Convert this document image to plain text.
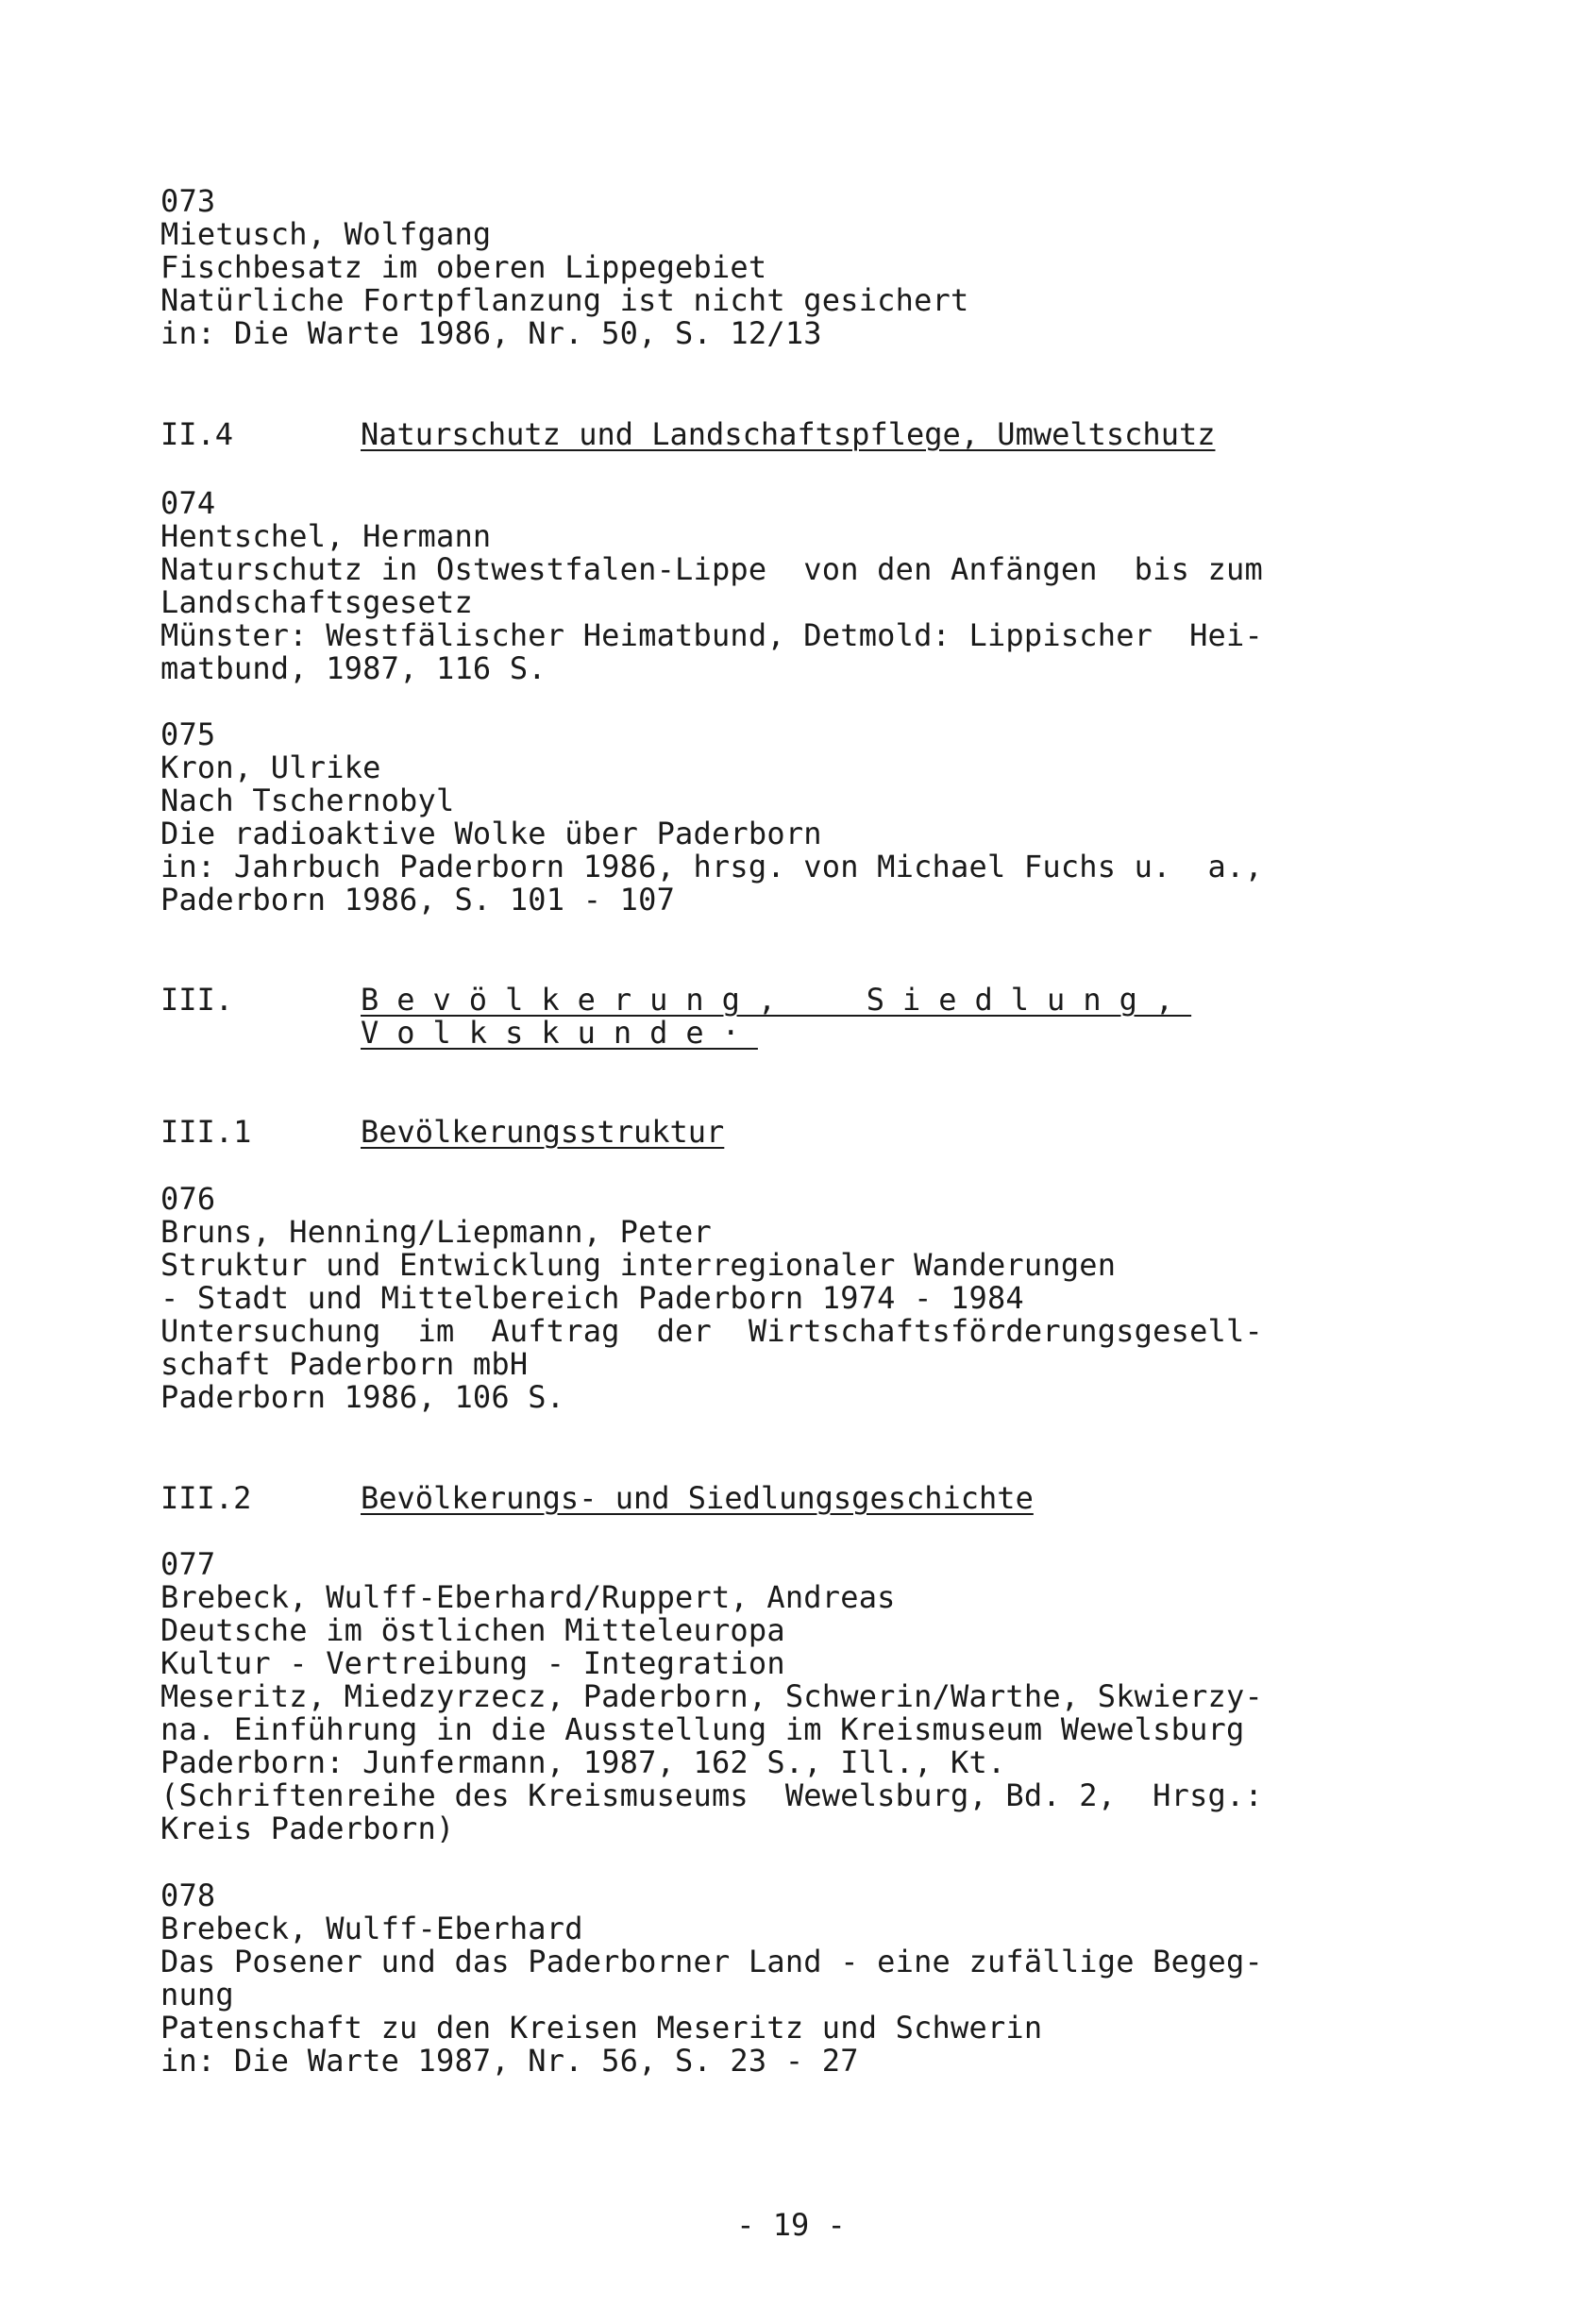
073
Mietusch, Wolfgang
Fischbesatz im oberen Lippegebiet
Natürliche Fortpflanzung ist nicht gesichert
in: Die Warte 1986, Nr. 50, S. 12/13
II.4	Naturschutz und Landschaftspflege, Umweltschutz
074
Hentschel, Hermann
Naturschutz in Ostwestfalen-Lippe  von den Anfängen  bis zum
Landschaftsgesetz
Münster: Westfälischer Heimatbund, Detmold: Lippischer  Hei-
matbund, 1987, 116 S.
075
Kron, Ulrike
Nach Tschernobyl
Die radioaktive Wolke über Paderborn
in: Jahrbuch Paderborn 1986, hrsg. von Michael Fuchs u.  a.,
Paderborn 1986, S. 101 - 107
III.	Bevölkerung,  Siedlung,
Volkskunde·
III.1	Bevölkerungsstruktur
076
Bruns, Henning/Liepmann, Peter
Struktur und Entwicklung interregionaler Wanderungen
- Stadt und Mittelbereich Paderborn 1974 - 1984
Untersuchung  im  Auftrag  der  Wirtschaftsförderungsgesell-
schaft Paderborn mbH
Paderborn 1986, 106 S.
III.2	Bevölkerungs- und Siedlungsgeschichte
077
Brebeck, Wulff-Eberhard/Ruppert, Andreas
Deutsche im östlichen Mitteleuropa
Kultur - Vertreibung - Integration
Meseritz, Miedzyrzecz, Paderborn, Schwerin/Warthe, Skwierzy-
na. Einführung in die Ausstellung im Kreismuseum Wewelsburg
Paderborn: Junfermann, 1987, 162 S., Ill., Kt.
(Schriftenreihe des Kreismuseums  Wewelsburg, Bd. 2,  Hrsg.:
Kreis Paderborn)
078
Brebeck, Wulff-Eberhard
Das Posener und das Paderborner Land - eine zufällige Begeg-
nung
Patenschaft zu den Kreisen Meseritz und Schwerin
in: Die Warte 1987, Nr. 56, S. 23 - 27
- 19 -
